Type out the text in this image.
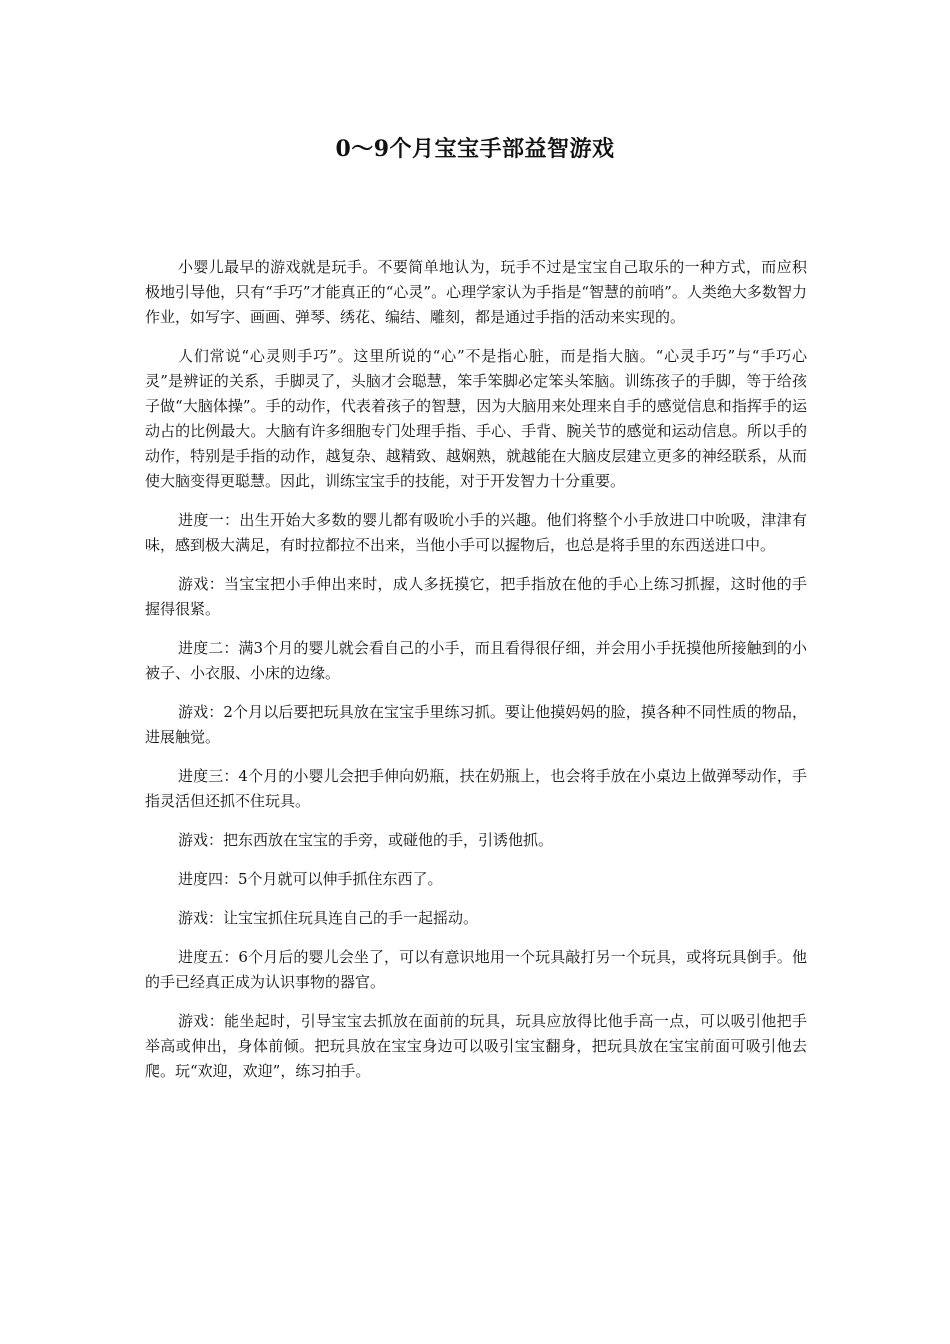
0～9个月宝宝手部益智游戏

小婴儿最早的游戏就是玩手。不要简单地认为，玩手不过是宝宝自己取乐的一种方式，而应积极地引导他，只有“手巧”才能真正的“心灵”。心理学家认为手指是“智慧的前哨”。人类绝大多数智力作业，如写字、画画、弹琴、绣花、编结、雕刻，都是通过手指的活动来实现的。

人们常说“心灵则手巧”。这里所说的“心”不是指心脏，而是指大脑。“心灵手巧”与“手巧心灵”是辨证的关系，手脚灵了，头脑才会聪慧，笨手笨脚必定笨头笨脑。训练孩子的手脚，等于给孩子做“大脑体操”。手的动作，代表着孩子的智慧，因为大脑用来处理来自手的感觉信息和指挥手的运动占的比例最大。大脑有许多细胞专门处理手指、手心、手背、腕关节的感觉和运动信息。所以手的动作，特别是手指的动作，越复杂、越精致、越娴熟，就越能在大脑皮层建立更多的神经联系，从而使大脑变得更聪慧。因此，训练宝宝手的技能，对于开发智力十分重要。

进度一：出生开始大多数的婴儿都有吸吮小手的兴趣。他们将整个小手放进口中吮吸，津津有味，感到极大满足，有时拉都拉不出来，当他小手可以握物后，也总是将手里的东西送进口中。

游戏：当宝宝把小手伸出来时，成人多抚摸它，把手指放在他的手心上练习抓握，这时他的手握得很紧。

进度二：满3个月的婴儿就会看自己的小手，而且看得很仔细，并会用小手抚摸他所接触到的小被子、小衣服、小床的边缘。

游戏：2个月以后要把玩具放在宝宝手里练习抓。要让他摸妈妈的脸，摸各种不同性质的物品，进展触觉。

进度三：4个月的小婴儿会把手伸向奶瓶，扶在奶瓶上，也会将手放在小桌边上做弹琴动作，手指灵活但还抓不住玩具。

游戏：把东西放在宝宝的手旁，或碰他的手，引诱他抓。

进度四：5个月就可以伸手抓住东西了。

游戏：让宝宝抓住玩具连自己的手一起摇动。

进度五：6个月后的婴儿会坐了，可以有意识地用一个玩具敲打另一个玩具，或将玩具倒手。他的手已经真正成为认识事物的器官。

游戏：能坐起时，引导宝宝去抓放在面前的玩具，玩具应放得比他手高一点，可以吸引他把手举高或伸出，身体前倾。把玩具放在宝宝身边可以吸引宝宝翻身，把玩具放在宝宝前面可吸引他去爬。玩“欢迎，欢迎”，练习拍手。
